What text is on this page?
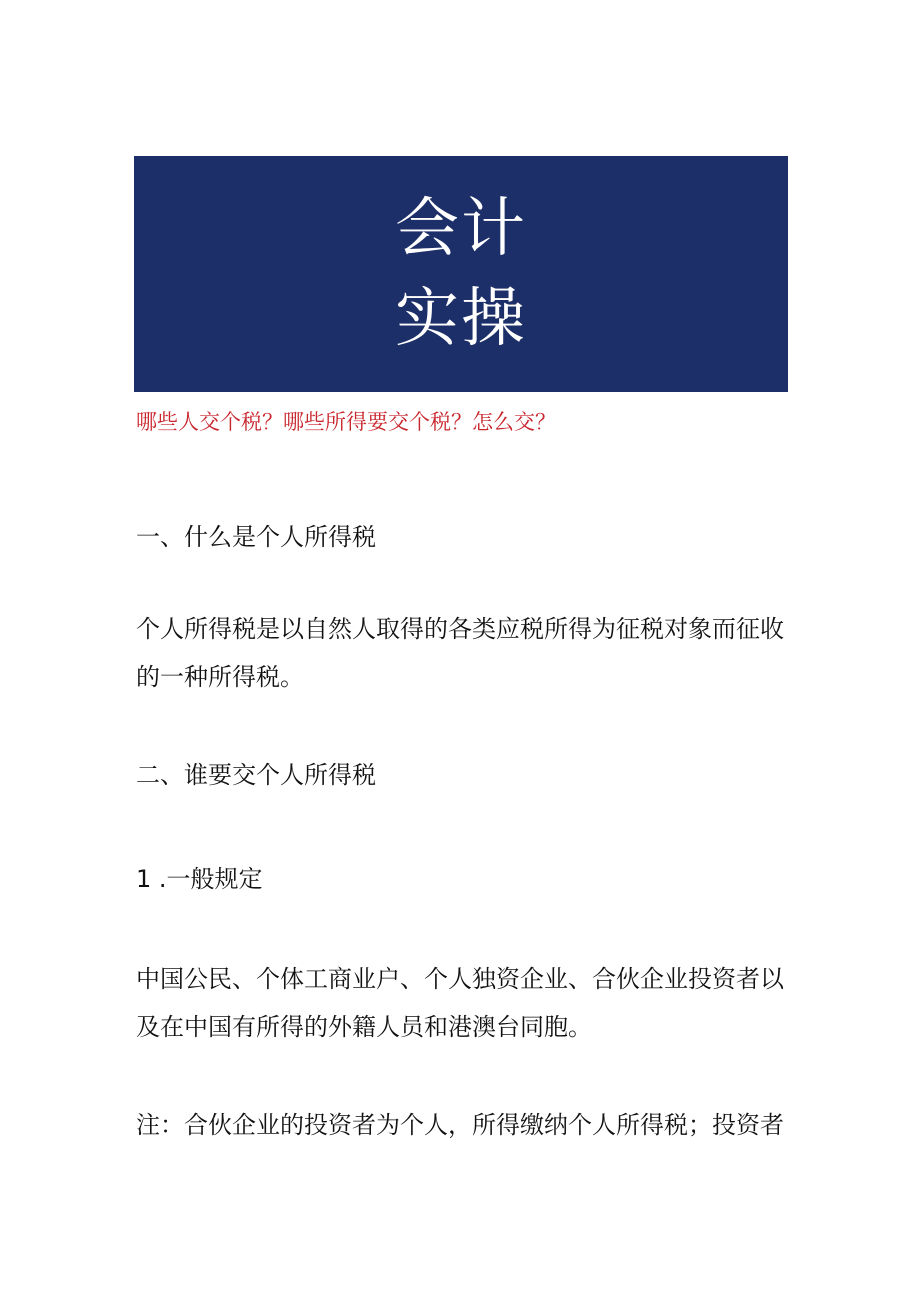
会计
实操
哪些人交个税？哪些所得要交个税？怎么交？
一、什么是个人所得税
个人所得税是以自然人取得的各类应税所得为征税对象而征收
的一种所得税。
二、谁要交个人所得税
1 .一般规定
中国公民、个体工商业户、个人独资企业、合伙企业投资者以
及在中国有所得的外籍人员和港澳台同胞。
注：合伙企业的投资者为个人，所得缴纳个人所得税；投资者
